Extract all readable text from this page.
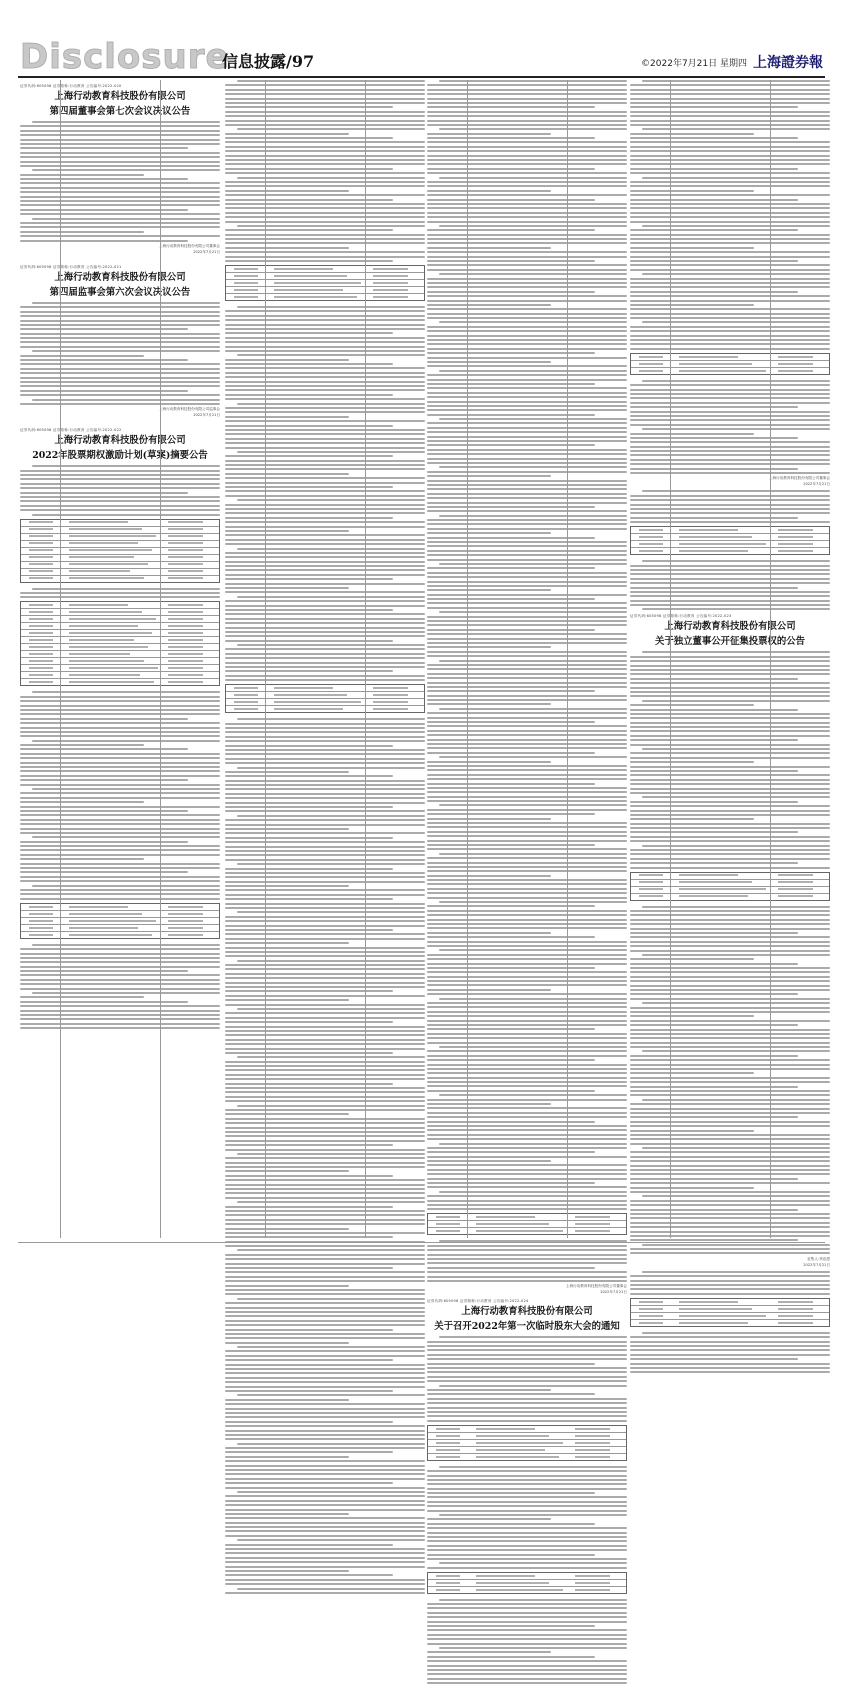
Disclosure
信息披露/97	©2022年7月21日 星期四 上海證券報
证券代码:605098 证券简称:行动教育 公告编号:2022-020
上海行动教育科技股份有限公司
第四届董事会第七次会议决议公告
上海行动教育科技股份有限公司董事会
2022年7月21日
证券代码:605098 证券简称:行动教育 公告编号:2022-021
上海行动教育科技股份有限公司
第四届监事会第六次会议决议公告
上海行动教育科技股份有限公司监事会
2022年7月21日
证券代码:605098 证券简称:行动教育 公告编号:2022-022
上海行动教育科技股份有限公司
2022年股票期权激励计划(草案)摘要公告
上海行动教育科技股份有限公司董事会
2022年7月21日
证券代码:605098 证券简称:行动教育 公告编号:2022-024
上海行动教育科技股份有限公司
关于召开2022年第一次临时股东大会的通知
上海行动教育科技股份有限公司董事会
2022年7月21日
证券代码:605098 证券简称:行动教育 公告编号:2022-023
上海行动教育科技股份有限公司
关于独立董事公开征集投票权的公告
征集人:李忠澄
2022年7月21日
